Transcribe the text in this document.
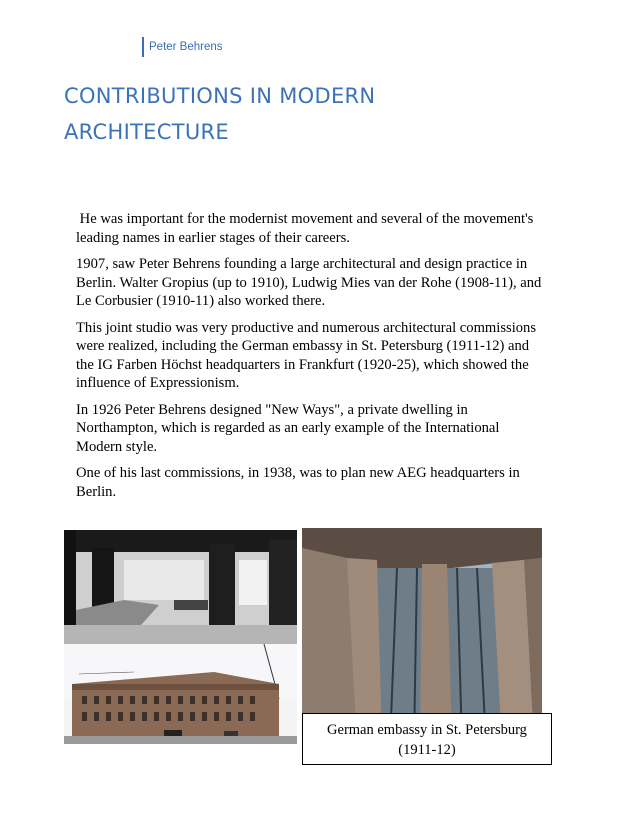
Peter Behrens
CONTRIBUTIONS IN MODERN ARCHITECTURE

He was important for the modernist movement and several of the movement's leading names in earlier stages of their careers.

1907, saw Peter Behrens founding a large architectural and design practice in Berlin. Walter Gropius (up to 1910), Ludwig Mies van der Rohe (1908-11), and Le Corbusier (1910-11) also worked there.

This joint studio was very productive and numerous architectural commissions were realized, including the German embassy in St. Petersburg (1911-12) and the IG Farben Höchst headquarters in Frankfurt (1920-25), which showed the influence of Expressionism.

In 1926 Peter Behrens designed "New Ways", a private dwelling in Northampton, which is regarded as an early example of the International Modern style.

One of his last commissions, in 1938, was to plan new AEG headquarters in Berlin.

German embassy in St. Petersburg
(1911-12)
